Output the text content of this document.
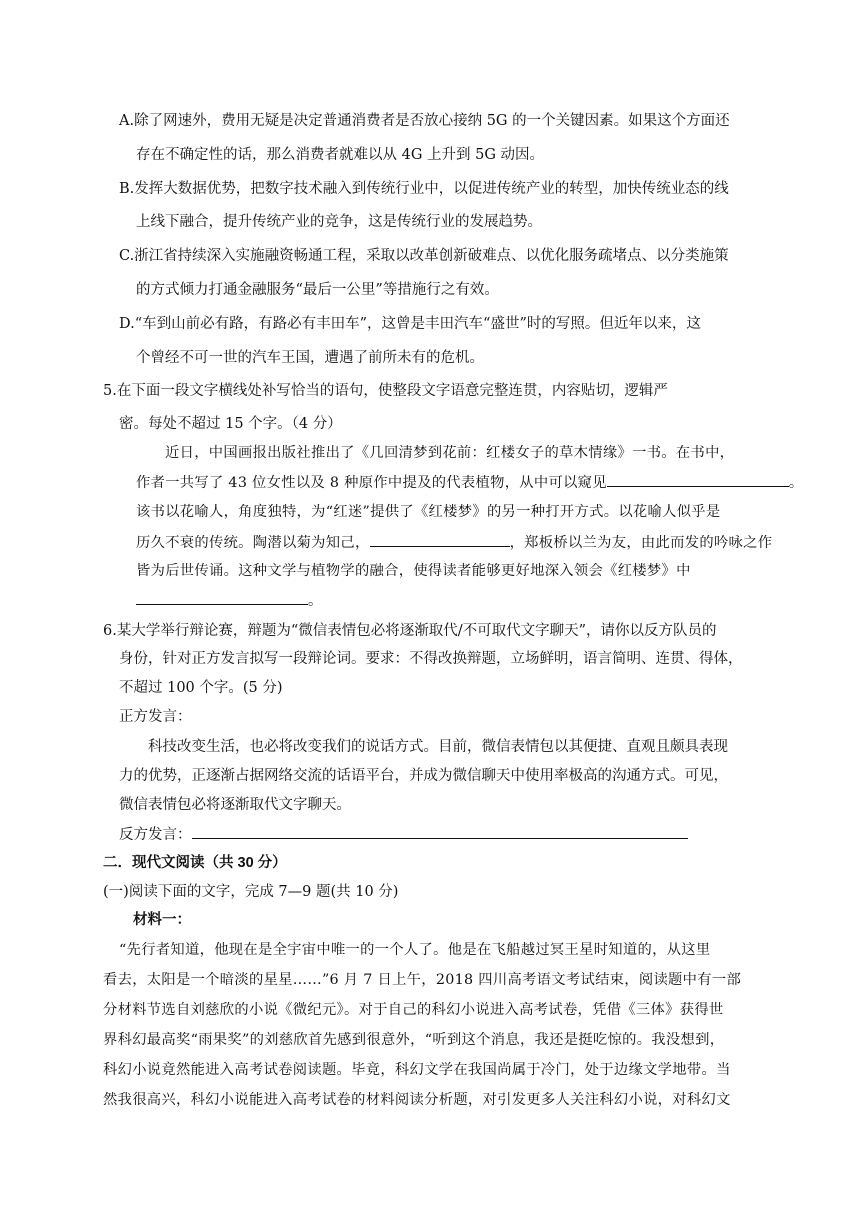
A.除了网速外，费用无疑是决定普通消费者是否放心接纳 5G 的一个关键因素。如果这个方面还
存在不确定性的话，那么消费者就难以从 4G 上升到 5G 动因。
B.发挥大数据优势，把数字技术融入到传统行业中，以促进传统产业的转型，加快传统业态的线
上线下融合，提升传统产业的竞争，这是传统行业的发展趋势。
C.浙江省持续深入实施融资畅通工程，采取以改革创新破难点、以优化服务疏堵点、以分类施策
的方式倾力打通金融服务“最后一公里”等措施行之有效。
D.“车到山前必有路，有路必有丰田车”，这曾是丰田汽车“盛世”时的写照。但近年以来，这
个曾经不可一世的汽车王国，遭遇了前所未有的危机。
5.在下面一段文字横线处补写恰当的语句，使整段文字语意完整连贯，内容贴切，逻辑严
密。每处不超过 15 个字。（4 分）
近日，中国画报出版社推出了《几回清梦到花前：红楼女子的草木情缘》一书。在书中，
作者一共写了 43 位女性以及 8 种原作中提及的代表植物，从中可以窥见	。
该书以花喻人，角度独特，为“红迷”提供了《红楼梦》的另一种打开方式。以花喻人似乎是
历久不衰的传统。陶潜以菊为知己，	，郑板桥以兰为友，由此而发的吟咏之作
皆为后世传诵。这种文学与植物学的融合，使得读者能够更好地深入领会《红楼梦》中
。
6.某大学举行辩论赛，辩题为“微信表情包必将逐渐取代/不可取代文字聊天”，请你以反方队员的
身份，针对正方发言拟写一段辩论词。要求：不得改换辩题，立场鲜明，语言简明、连贯、得体，
不超过 100 个字。(5 分)
正方发言：
科技改变生活，也必将改变我们的说话方式。目前，微信表情包以其便捷、直观且颇具表现
力的优势，正逐渐占据网络交流的话语平台，并成为微信聊天中使用率极高的沟通方式。可见，
微信表情包必将逐渐取代文字聊天。
反方发言：
二．现代文阅读（共 30 分）
(一)阅读下面的文字，完成 7—9 题(共 10 分)
材料一：
“先行者知道，他现在是全宇宙中唯一的一个人了。他是在飞船越过冥王星时知道的，从这里
看去，太阳是一个暗淡的星星……”6 月 7 日上午，2018 四川高考语文考试结束，阅读题中有一部
分材料节选自刘慈欣的小说《微纪元》。对于自己的科幻小说进入高考试卷，凭借《三体》获得世
界科幻最高奖“雨果奖”的刘慈欣首先感到很意外，“听到这个消息，我还是挺吃惊的。我没想到，
科幻小说竟然能进入高考试卷阅读题。毕竟，科幻文学在我国尚属于冷门，处于边缘文学地带。当
然我很高兴，科幻小说能进入高考试卷的材料阅读分析题，对引发更多人关注科幻小说，对科幻文
